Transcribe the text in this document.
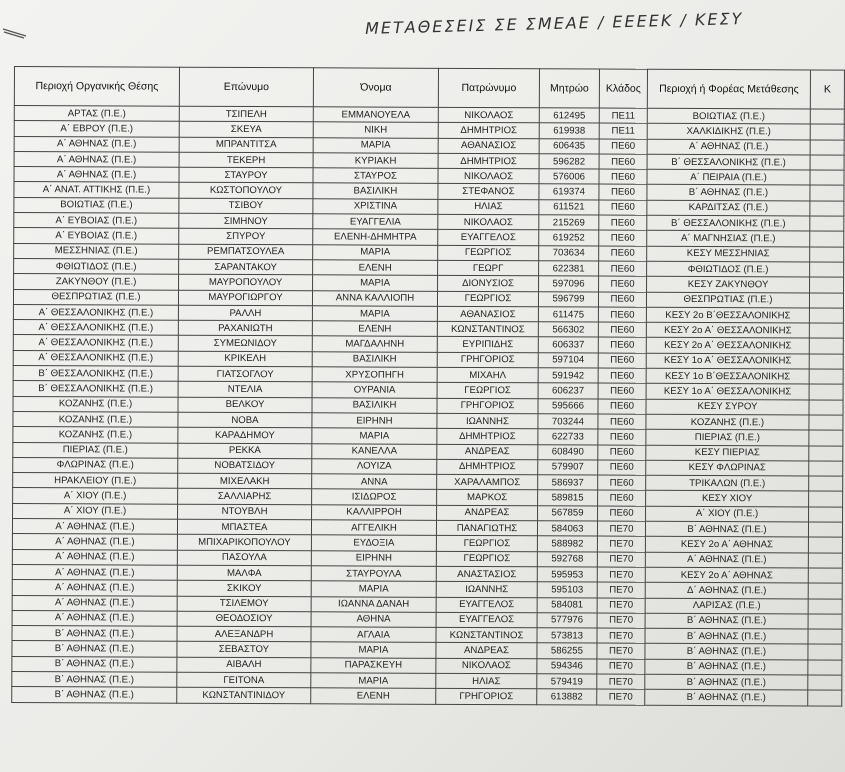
ΜΕΤΑΘΕΣΕΙΣ ΣΕ ΣΜΕΑΕ / ΕΕΕΕΚ / ΚΕΣΥ
Περιοχή Οργανικής Θέσης	Επώνυμο	Όνομα	Πατρώνυμο	Μητρώο	Κλάδος	Περιοχή ή Φορέας Μετάθεσης	Κ
ΑΡΤΑΣ (Π.Ε.)	ΤΣΙΠΕΛΗ	ΕΜΜΑΝΟΥΕΛΑ	ΝΙΚΟΛΑΟΣ	612495	ΠΕ11	ΒΟΙΩΤΙΑΣ (Π.Ε.)	
Α΄ ΕΒΡΟΥ (Π.Ε.)	ΣΚΕΥΑ	ΝΙΚΗ	ΔΗΜΗΤΡΙΟΣ	619938	ΠΕ11	ΧΑΛΚΙΔΙΚΗΣ (Π.Ε.)	
Α΄ ΑΘΗΝΑΣ (Π.Ε.)	ΜΠΡΑΝΤΙΤΣΑ	ΜΑΡΙΑ	ΑΘΑΝΑΣΙΟΣ	606435	ΠΕ60	Α΄ ΑΘΗΝΑΣ (Π.Ε.)	
Α΄ ΑΘΗΝΑΣ (Π.Ε.)	ΤΕΚΕΡΗ	ΚΥΡΙΑΚΗ	ΔΗΜΗΤΡΙΟΣ	596282	ΠΕ60	Β΄ ΘΕΣΣΑΛΟΝΙΚΗΣ (Π.Ε.)	
Α΄ ΑΘΗΝΑΣ (Π.Ε.)	ΣΤΑΥΡΟΥ	ΣΤΑΥΡΟΣ	ΝΙΚΟΛΑΟΣ	576006	ΠΕ60	Α΄ ΠΕΙΡΑΙΑ (Π.Ε.)	
Α΄ ΑΝΑΤ. ΑΤΤΙΚΗΣ (Π.Ε.)	ΚΩΣΤΟΠΟΥΛΟΥ	ΒΑΣΙΛΙΚΗ	ΣΤΕΦΑΝΟΣ	619374	ΠΕ60	Β΄ ΑΘΗΝΑΣ (Π.Ε.)	
ΒΟΙΩΤΙΑΣ (Π.Ε.)	ΤΣΙΒΟΥ	ΧΡΙΣΤΙΝΑ	ΗΛΙΑΣ	611521	ΠΕ60	ΚΑΡΔΙΤΣΑΣ (Π.Ε.)	
Α΄ ΕΥΒΟΙΑΣ (Π.Ε.)	ΣΙΜΗΝΟΥ	ΕΥΑΓΓΕΛΙΑ	ΝΙΚΟΛΑΟΣ	215269	ΠΕ60	Β΄ ΘΕΣΣΑΛΟΝΙΚΗΣ (Π.Ε.)	
Α΄ ΕΥΒΟΙΑΣ (Π.Ε.)	ΣΠΥΡΟΥ	ΕΛΕΝΗ-ΔΗΜΗΤΡΑ	ΕΥΑΓΓΕΛΟΣ	619252	ΠΕ60	Α΄ ΜΑΓΝΗΣΙΑΣ (Π.Ε.)	
ΜΕΣΣΗΝΙΑΣ (Π.Ε.)	ΡΕΜΠΑΤΣΟΥΛΕΑ	ΜΑΡΙΑ	ΓΕΩΡΓΙΟΣ	703634	ΠΕ60	ΚΕΣΥ ΜΕΣΣΗΝΙΑΣ	
ΦΘΙΩΤΙΔΟΣ (Π.Ε.)	ΣΑΡΑΝΤΑΚΟΥ	ΕΛΕΝΗ	ΓΕΩΡΓ	622381	ΠΕ60	ΦΘΙΩΤΙΔΟΣ (Π.Ε.)	
ΖΑΚΥΝΘΟΥ (Π.Ε.)	ΜΑΥΡΟΠΟΥΛΟΥ	ΜΑΡΙΑ	ΔΙΟΝΥΣΙΟΣ	597096	ΠΕ60	ΚΕΣΥ ΖΑΚΥΝΘΟΥ	
ΘΕΣΠΡΩΤΙΑΣ (Π.Ε.)	ΜΑΥΡΟΓΙΩΡΓΟΥ	ΑΝΝΑ ΚΑΛΛΙΟΠΗ	ΓΕΩΡΓΙΟΣ	596799	ΠΕ60	ΘΕΣΠΡΩΤΙΑΣ (Π.Ε.)	
Α΄ ΘΕΣΣΑΛΟΝΙΚΗΣ (Π.Ε.)	ΡΑΛΛΗ	ΜΑΡΙΑ	ΑΘΑΝΑΣΙΟΣ	611475	ΠΕ60	ΚΕΣΥ 2ο Β΄ΘΕΣΣΑΛΟΝΙΚΗΣ	
Α΄ ΘΕΣΣΑΛΟΝΙΚΗΣ (Π.Ε.)	ΡΑΧΑΝΙΩΤΗ	ΕΛΕΝΗ	ΚΩΝΣΤΑΝΤΙΝΟΣ	566302	ΠΕ60	ΚΕΣΥ 2ο Α΄ ΘΕΣΣΑΛΟΝΙΚΗΣ	
Α΄ ΘΕΣΣΑΛΟΝΙΚΗΣ (Π.Ε.)	ΣΥΜΕΩΝΙΔΟΥ	ΜΑΓΔΑΛΗΝΗ	ΕΥΡΙΠΙΔΗΣ	606337	ΠΕ60	ΚΕΣΥ 2ο Α΄ ΘΕΣΣΑΛΟΝΙΚΗΣ	
Α΄ ΘΕΣΣΑΛΟΝΙΚΗΣ (Π.Ε.)	ΚΡΙΚΕΛΗ	ΒΑΣΙΛΙΚΗ	ΓΡΗΓΟΡΙΟΣ	597104	ΠΕ60	ΚΕΣΥ 1ο Α΄ ΘΕΣΣΑΛΟΝΙΚΗΣ	
Β΄ ΘΕΣΣΑΛΟΝΙΚΗΣ (Π.Ε.)	ΓΙΑΤΣΟΓΛΟΥ	ΧΡΥΣΟΠΗΓΗ	ΜΙΧΑΗΛ	591942	ΠΕ60	ΚΕΣΥ 1ο Β΄ΘΕΣΣΑΛΟΝΙΚΗΣ	
Β΄ ΘΕΣΣΑΛΟΝΙΚΗΣ (Π.Ε.)	ΝΤΕΛΙΑ	ΟΥΡΑΝΙΑ	ΓΕΩΡΓΙΟΣ	606237	ΠΕ60	ΚΕΣΥ 1ο Α΄ ΘΕΣΣΑΛΟΝΙΚΗΣ	
ΚΟΖΑΝΗΣ (Π.Ε.)	ΒΕΛΚΟΥ	ΒΑΣΙΛΙΚΗ	ΓΡΗΓΟΡΙΟΣ	595666	ΠΕ60	ΚΕΣΥ ΣΥΡΟΥ	
ΚΟΖΑΝΗΣ (Π.Ε.)	ΝΟΒΑ	ΕΙΡΗΝΗ	ΙΩΑΝΝΗΣ	703244	ΠΕ60	ΚΟΖΑΝΗΣ (Π.Ε.)	
ΚΟΖΑΝΗΣ (Π.Ε.)	ΚΑΡΑΔΗΜΟΥ	ΜΑΡΙΑ	ΔΗΜΗΤΡΙΟΣ	622733	ΠΕ60	ΠΙΕΡΙΑΣ (Π.Ε.)	
ΠΙΕΡΙΑΣ (Π.Ε.)	ΡΕΚΚΑ	ΚΑΝΕΛΛΑ	ΑΝΔΡΕΑΣ	608490	ΠΕ60	ΚΕΣΥ ΠΙΕΡΙΑΣ	
ΦΛΩΡΙΝΑΣ (Π.Ε.)	ΝΟΒΑΤΣΙΔΟΥ	ΛΟΥΙΖΑ	ΔΗΜΗΤΡΙΟΣ	579907	ΠΕ60	ΚΕΣΥ ΦΛΩΡΙΝΑΣ	
ΗΡΑΚΛΕΙΟΥ (Π.Ε.)	ΜΙΧΕΛΑΚΗ	ΑΝΝΑ	ΧΑΡΑΛΑΜΠΟΣ	586937	ΠΕ60	ΤΡΙΚΑΛΩΝ (Π.Ε.)	
Α΄ ΧΙΟΥ (Π.Ε.)	ΣΑΛΛΙΑΡΗΣ	ΙΣΙΔΩΡΟΣ	ΜΑΡΚΟΣ	589815	ΠΕ60	ΚΕΣΥ ΧΙΟΥ	
Α΄ ΧΙΟΥ (Π.Ε.)	ΝΤΟΥΒΛΗ	ΚΑΛΛΙΡΡΟΗ	ΑΝΔΡΕΑΣ	567859	ΠΕ60	Α΄ ΧΙΟΥ (Π.Ε.)	
Α΄ ΑΘΗΝΑΣ (Π.Ε.)	ΜΠΑΣΤΕΑ	ΑΓΓΕΛΙΚΗ	ΠΑΝΑΓΙΩΤΗΣ	584063	ΠΕ70	Β΄ ΑΘΗΝΑΣ (Π.Ε.)	
Α΄ ΑΘΗΝΑΣ (Π.Ε.)	ΜΠΙΧΑΡΙΚΟΠΟΥΛΟΥ	ΕΥΔΟΞΙΑ	ΓΕΩΡΓΙΟΣ	588982	ΠΕ70	ΚΕΣΥ 2ο Α΄ ΑΘΗΝΑΣ	
Α΄ ΑΘΗΝΑΣ (Π.Ε.)	ΠΑΣΟΥΛΑ	ΕΙΡΗΝΗ	ΓΕΩΡΓΙΟΣ	592768	ΠΕ70	Α΄ ΑΘΗΝΑΣ (Π.Ε.)	
Α΄ ΑΘΗΝΑΣ (Π.Ε.)	ΜΑΛΦΑ	ΣΤΑΥΡΟΥΛΑ	ΑΝΑΣΤΑΣΙΟΣ	595953	ΠΕ70	ΚΕΣΥ 2ο Α΄ ΑΘΗΝΑΣ	
Α΄ ΑΘΗΝΑΣ (Π.Ε.)	ΣΚΙΚΟΥ	ΜΑΡΙΑ	ΙΩΑΝΝΗΣ	595103	ΠΕ70	Δ΄ ΑΘΗΝΑΣ (Π.Ε.)	
Α΄ ΑΘΗΝΑΣ (Π.Ε.)	ΤΣΙΛΕΜΟΥ	ΙΩΑΝΝΑ ΔΑΝΑΗ	ΕΥΑΓΓΕΛΟΣ	584081	ΠΕ70	ΛΑΡΙΣΑΣ (Π.Ε.)	
Α΄ ΑΘΗΝΑΣ (Π.Ε.)	ΘΕΟΔΟΣΙΟΥ	ΑΘΗΝΑ	ΕΥΑΓΓΕΛΟΣ	577976	ΠΕ70	Β΄ ΑΘΗΝΑΣ (Π.Ε.)	
Β΄ ΑΘΗΝΑΣ (Π.Ε.)	ΑΛΕΞΑΝΔΡΗ	ΑΓΛΑΙΑ	ΚΩΝΣΤΑΝΤΙΝΟΣ	573813	ΠΕ70	Β΄ ΑΘΗΝΑΣ (Π.Ε.)	
Β΄ ΑΘΗΝΑΣ (Π.Ε.)	ΣΕΒΑΣΤΟΥ	ΜΑΡΙΑ	ΑΝΔΡΕΑΣ	586255	ΠΕ70	Β΄ ΑΘΗΝΑΣ (Π.Ε.)	
Β΄ ΑΘΗΝΑΣ (Π.Ε.)	ΑΙΒΑΛΗ	ΠΑΡΑΣΚΕΥΗ	ΝΙΚΟΛΑΟΣ	594346	ΠΕ70	Β΄ ΑΘΗΝΑΣ (Π.Ε.)	
Β΄ ΑΘΗΝΑΣ (Π.Ε.)	ΓΕΙΤΟΝΑ	ΜΑΡΙΑ	ΗΛΙΑΣ	579419	ΠΕ70	Β΄ ΑΘΗΝΑΣ (Π.Ε.)	
Β΄ ΑΘΗΝΑΣ (Π.Ε.)	ΚΩΝΣΤΑΝΤΙΝΙΔΟΥ	ΕΛΕΝΗ	ΓΡΗΓΟΡΙΟΣ	613882	ΠΕ70	Β΄ ΑΘΗΝΑΣ (Π.Ε.)	
